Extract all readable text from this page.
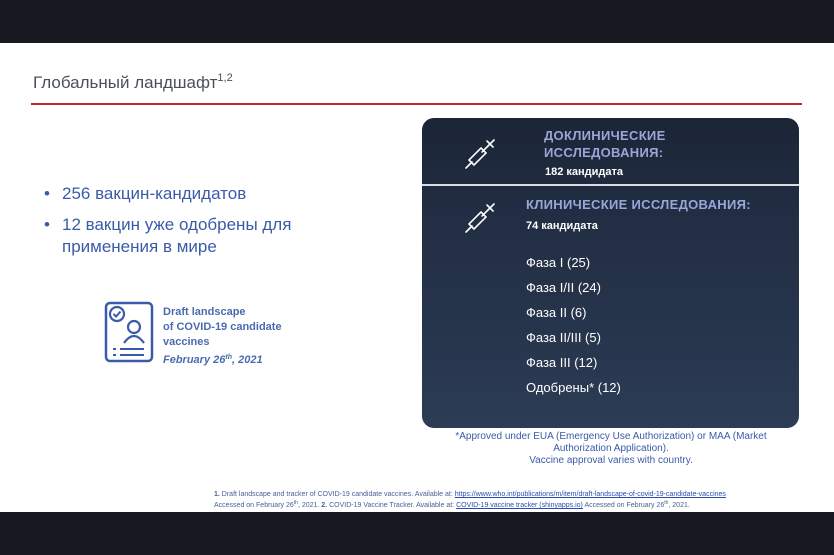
Глобальный ландшафт$^{1,2}$
• 256 вакцин-кандидатов
• 12 вакцин уже одобрены для применения в мире
Draft landscape
of COVID-19 candidate
vaccines
February 26th, 2021
ДОКЛИНИЧЕСКИЕ
ИССЛЕДОВАНИЯ:
182 кандидата
КЛИНИЧЕСКИЕ ИССЛЕДОВАНИЯ:
74 кандидата
Фаза I (25)
Фаза I/II (24)
Фаза II (6)
Фаза II/III (5)
Фаза III (12)
Одобрены* (12)
*Approved under EUA (Emergency Use Authorization) or MAA (Market
Authorization Application).
Vaccine approval varies with country.
1. Draft landscape and tracker of COVID-19 candidate vaccines. Available at: https://www.who.int/publications/m/item/draft-landscape-of-covid-19-candidate-vaccines
Accessed on February 26th, 2021. 2. COVID-19 Vaccine Tracker. Available at: COVID-19 vaccine tracker (shinyapps.io) Accessed on February 26th, 2021.
